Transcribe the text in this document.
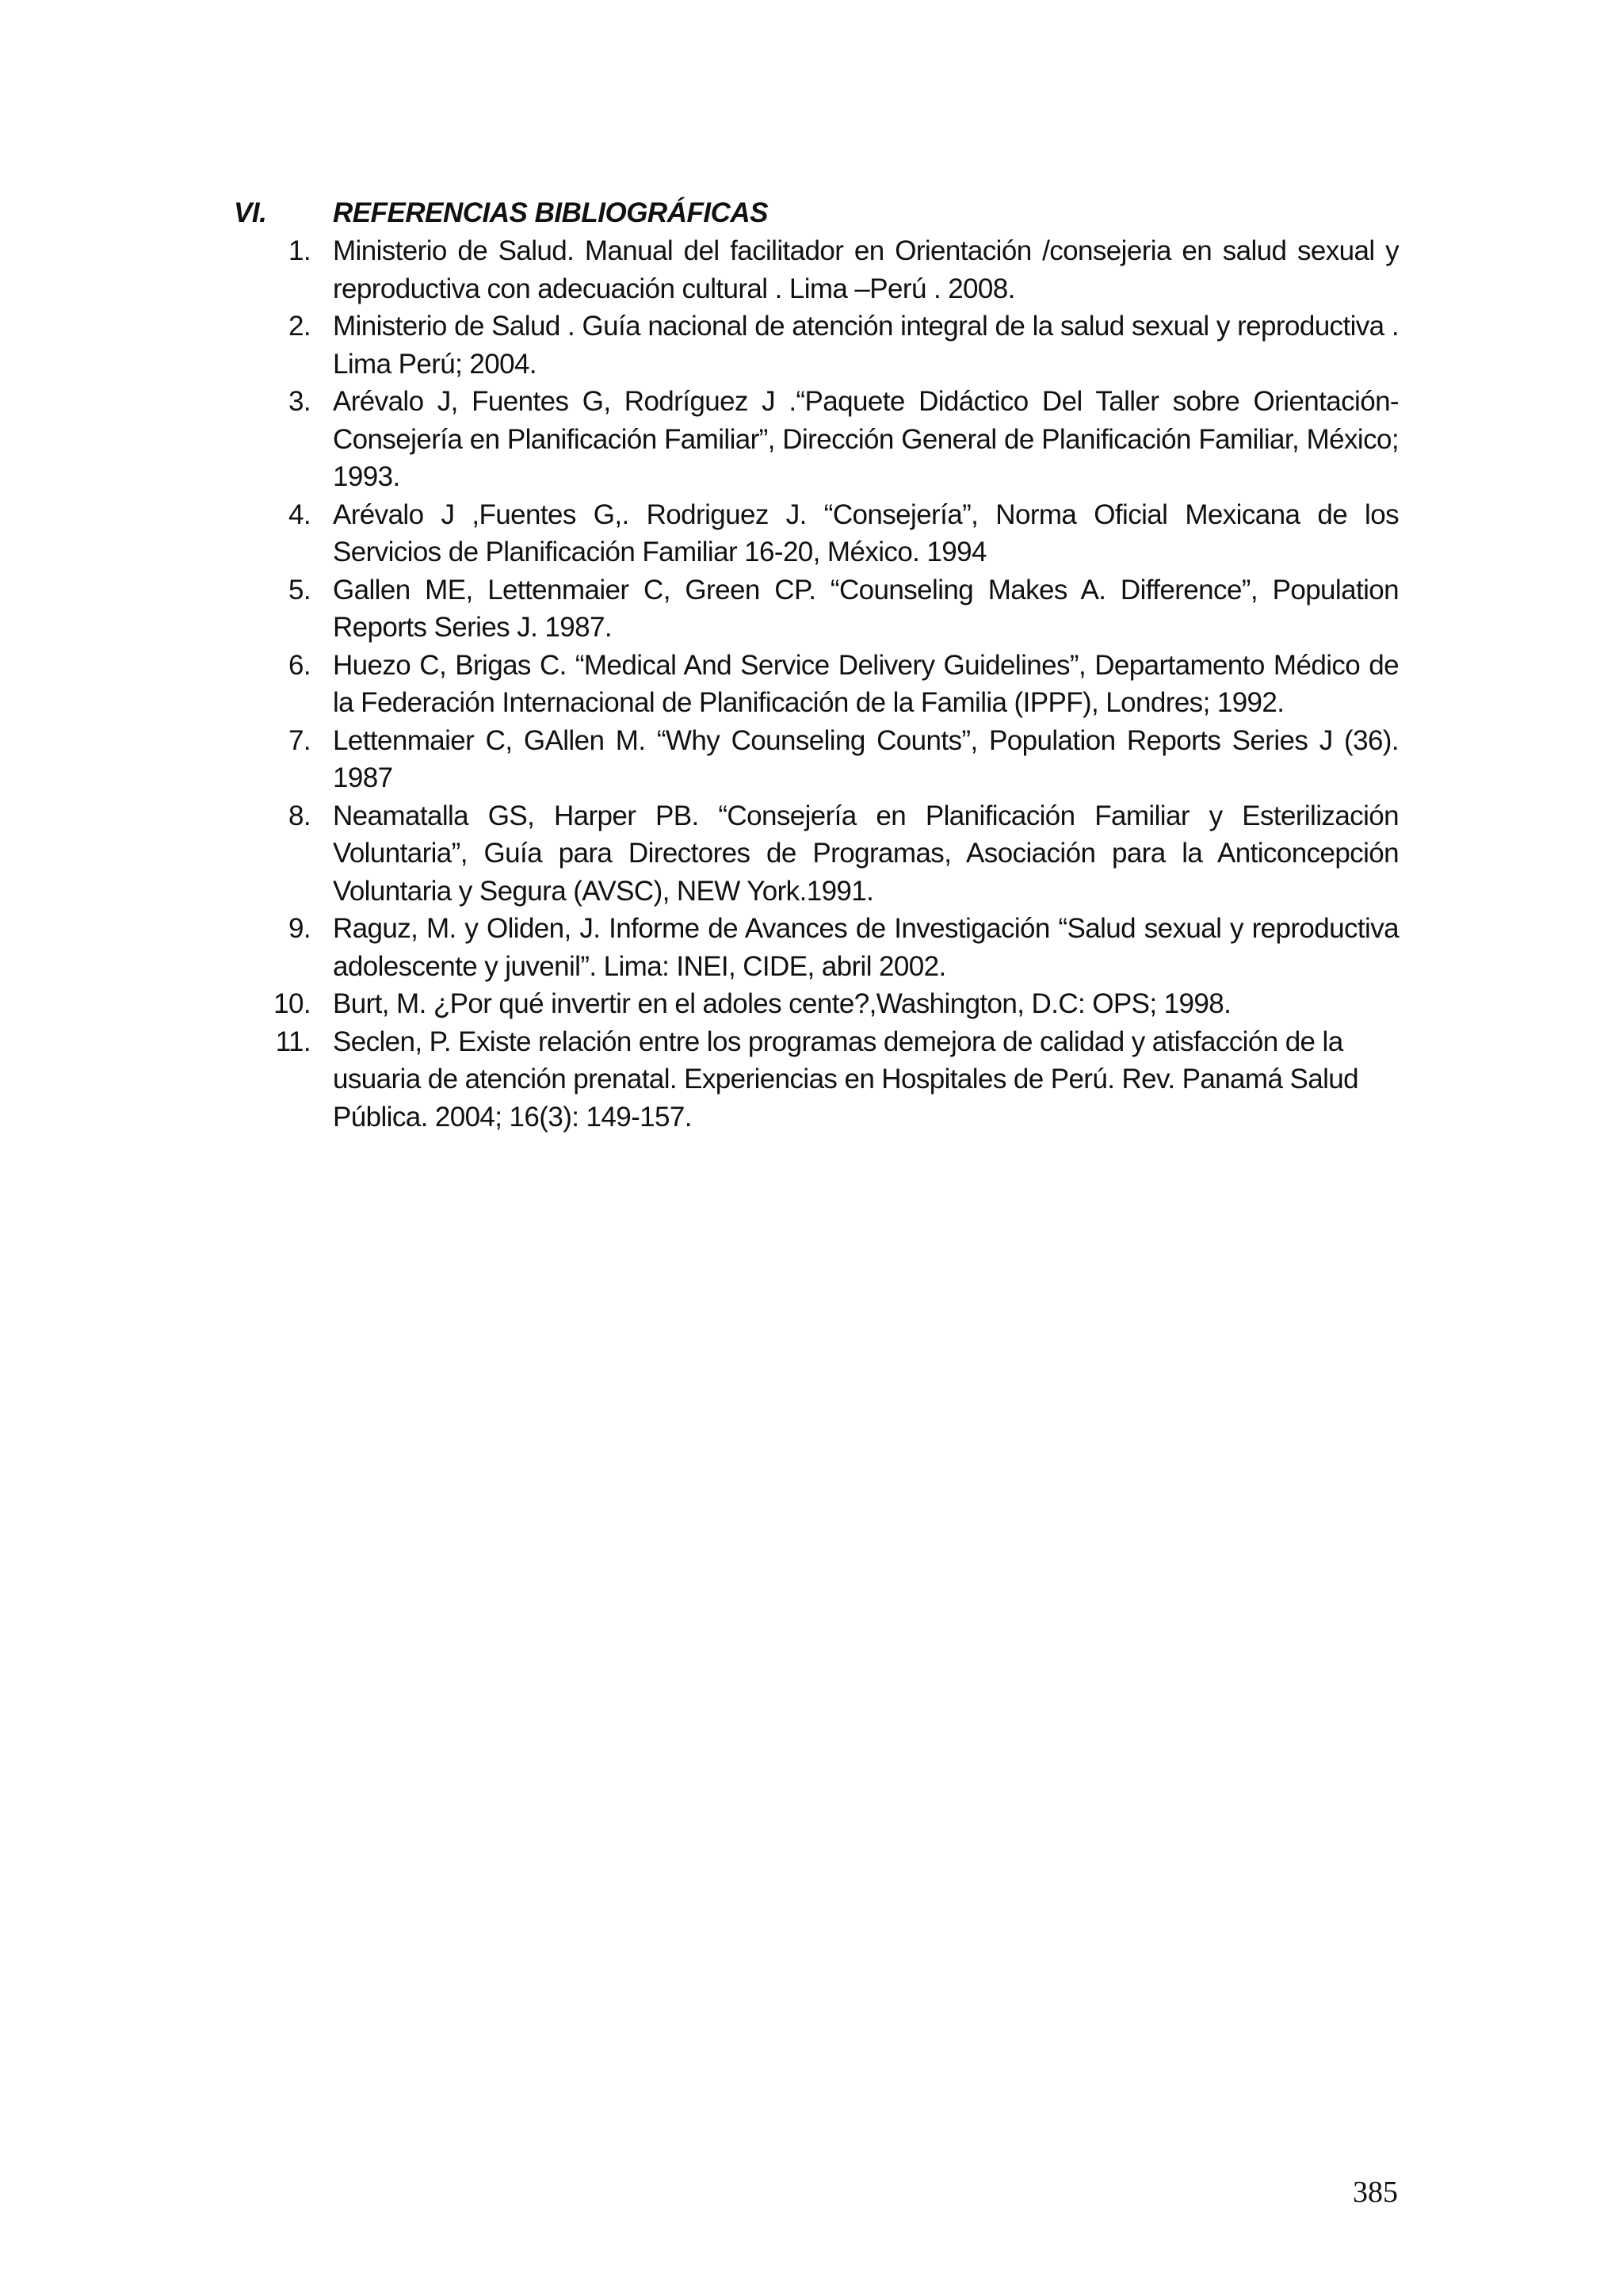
VI.	REFERENCIAS BIBLIOGRÁFICAS
1. Ministerio de Salud. Manual del facilitador en Orientación /consejeria en salud sexual y reproductiva con adecuación cultural . Lima –Perú . 2008.
2. Ministerio de Salud . Guía nacional de atención integral de la salud sexual y reproductiva . Lima Perú; 2004.
3. Arévalo J, Fuentes G, Rodríguez J .“Paquete Didáctico Del Taller sobre Orientación-Consejería en Planificación Familiar”, Dirección General de Planificación Familiar, México; 1993.
4. Arévalo J ,Fuentes G,. Rodriguez J. “Consejería”, Norma Oficial Mexicana de los Servicios de Planificación Familiar 16-20, México. 1994
5. Gallen ME, Lettenmaier C, Green CP. “Counseling Makes A. Difference”, Population Reports Series J. 1987.
6. Huezo C, Brigas C. “Medical And Service Delivery Guidelines”, Departamento Médico de la Federación Internacional de Planificación de la Familia (IPPF), Londres; 1992.
7. Lettenmaier C, GAllen M. “Why Counseling Counts”, Population Reports Series J (36). 1987
8. Neamatalla GS, Harper PB. “Consejería en Planificación Familiar y Esterilización Voluntaria”, Guía para Directores de Programas, Asociación para la Anticoncepción Voluntaria y Segura (AVSC), NEW York.1991.
9. Raguz, M. y Oliden, J. Informe de Avances de Investigación “Salud sexual y reproductiva adolescente y juvenil”. Lima: INEI, CIDE, abril 2002.
10. Burt, M. ¿Por qué invertir en el adoles cente?,Washington, D.C: OPS; 1998.
11. Seclen, P. Existe relación entre los programas demejora de calidad y atisfacción de la usuaria de atención prenatal. Experiencias en Hospitales de Perú. Rev. Panamá Salud Pública. 2004; 16(3): 149-157.
385
